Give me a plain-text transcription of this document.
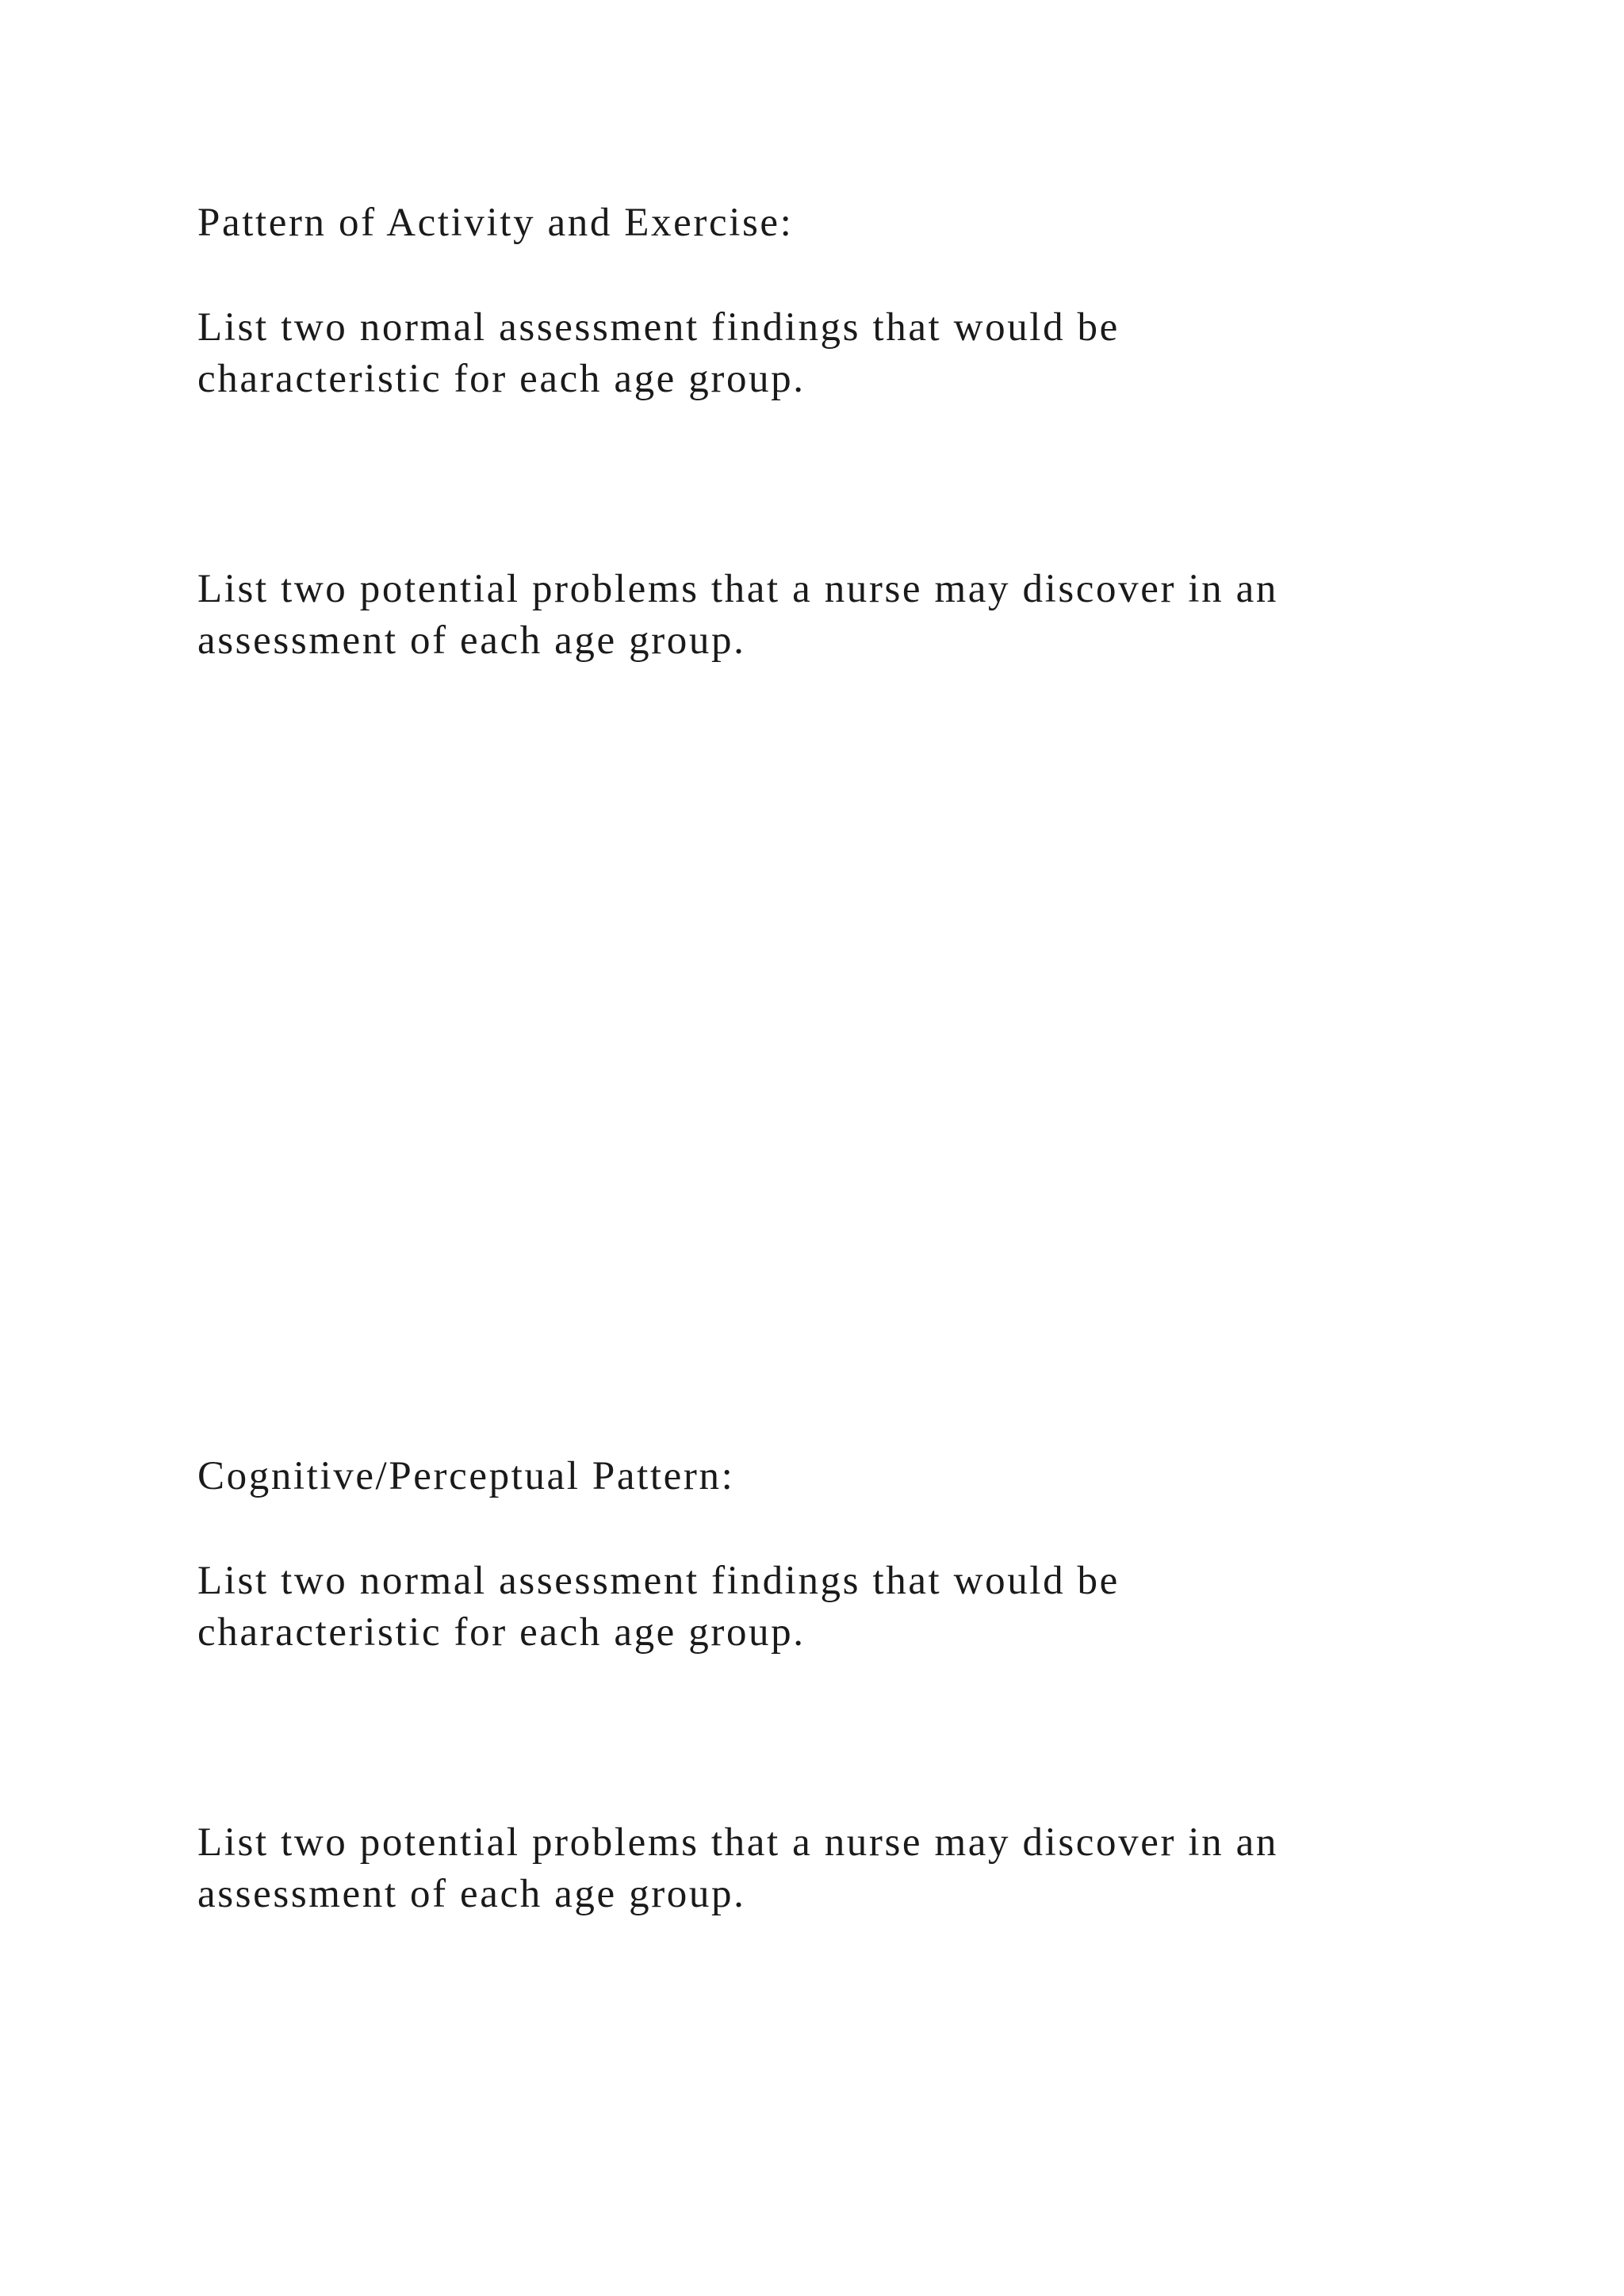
Pattern of Activity and Exercise:

List two normal assessment findings that would be

characteristic for each age group.

List two potential problems that a nurse may discover in an

assessment of each age group.

Cognitive/Perceptual Pattern:

List two normal assessment findings that would be

characteristic for each age group.

List two potential problems that a nurse may discover in an

assessment of each age group.
